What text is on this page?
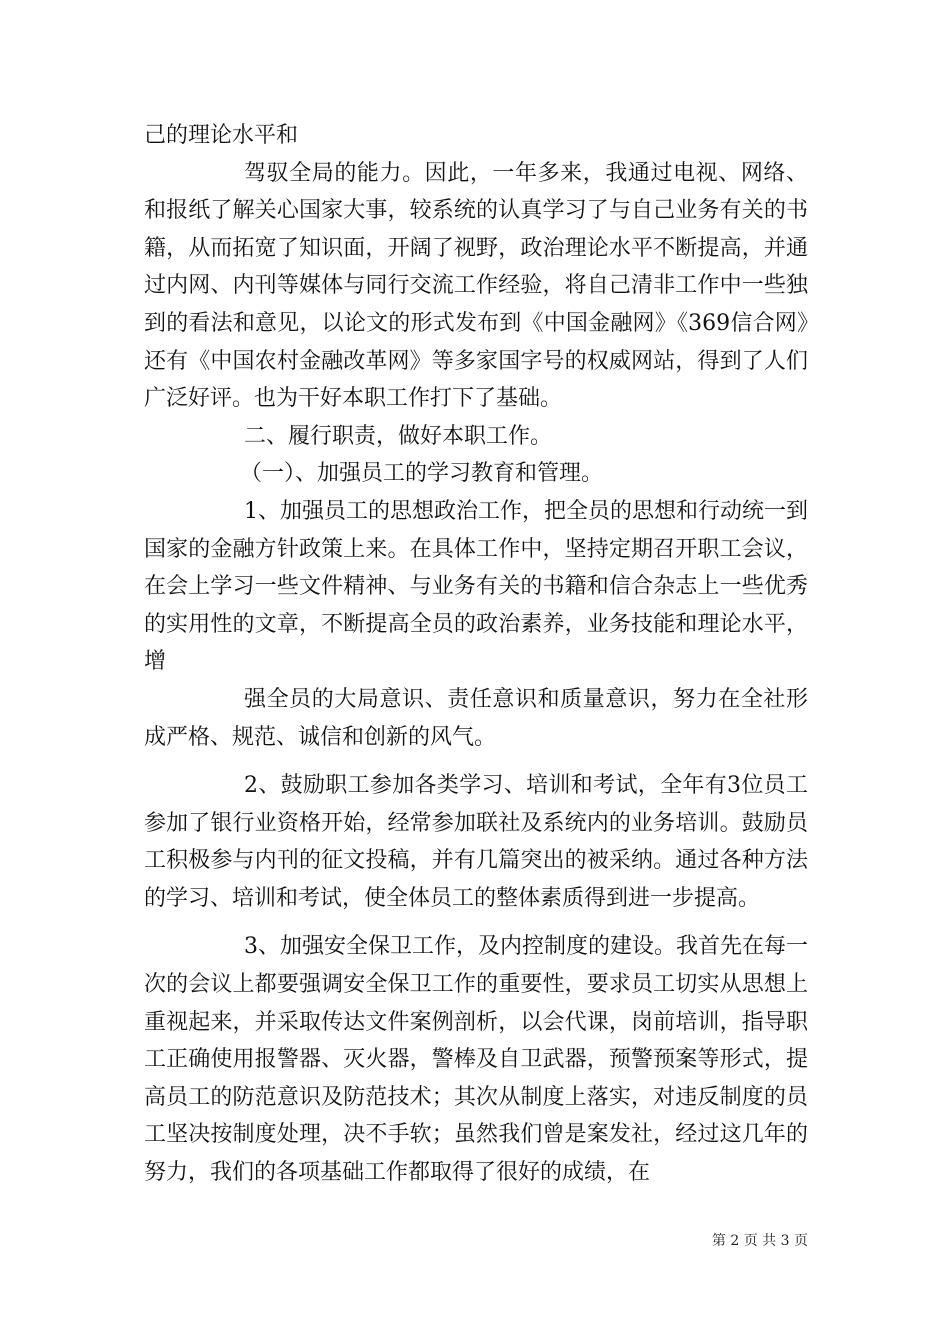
己的理论水平和

驾驭全局的能力。因此，一年多来，我通过电视、网络、和报纸了解关心国家大事，较系统的认真学习了与自己业务有关的书籍，从而拓宽了知识面，开阔了视野，政治理论水平不断提高，并通过内网、内刊等媒体与同行交流工作经验，将自己清非工作中一些独到的看法和意见，以论文的形式发布到《中国金融网》《369信合网》还有《中国农村金融改革网》等多家国字号的权威网站，得到了人们广泛好评。也为干好本职工作打下了基础。

二、履行职责，做好本职工作。

（一）、加强员工的学习教育和管理。

1、加强员工的思想政治工作，把全员的思想和行动统一到国家的金融方针政策上来。在具体工作中，坚持定期召开职工会议，在会上学习一些文件精神、与业务有关的书籍和信合杂志上一些优秀的实用性的文章，不断提高全员的政治素养，业务技能和理论水平，增

强全员的大局意识、责任意识和质量意识，努力在全社形成严格、规范、诚信和创新的风气。

2、鼓励职工参加各类学习、培训和考试，全年有3位员工参加了银行业资格开始，经常参加联社及系统内的业务培训。鼓励员工积极参与内刊的征文投稿，并有几篇突出的被采纳。通过各种方法的学习、培训和考试，使全体员工的整体素质得到进一步提高。

3、加强安全保卫工作，及内控制度的建设。我首先在每一次的会议上都要强调安全保卫工作的重要性，要求员工切实从思想上重视起来，并采取传达文件案例剖析，以会代课，岗前培训，指导职工正确使用报警器、灭火器，警棒及自卫武器，预警预案等形式，提高员工的防范意识及防范技术；其次从制度上落实，对违反制度的员工坚决按制度处理，决不手软；虽然我们曾是案发社，经过这几年的努力，我们的各项基础工作都取得了很好的成绩，在

第 2 页 共 3 页
